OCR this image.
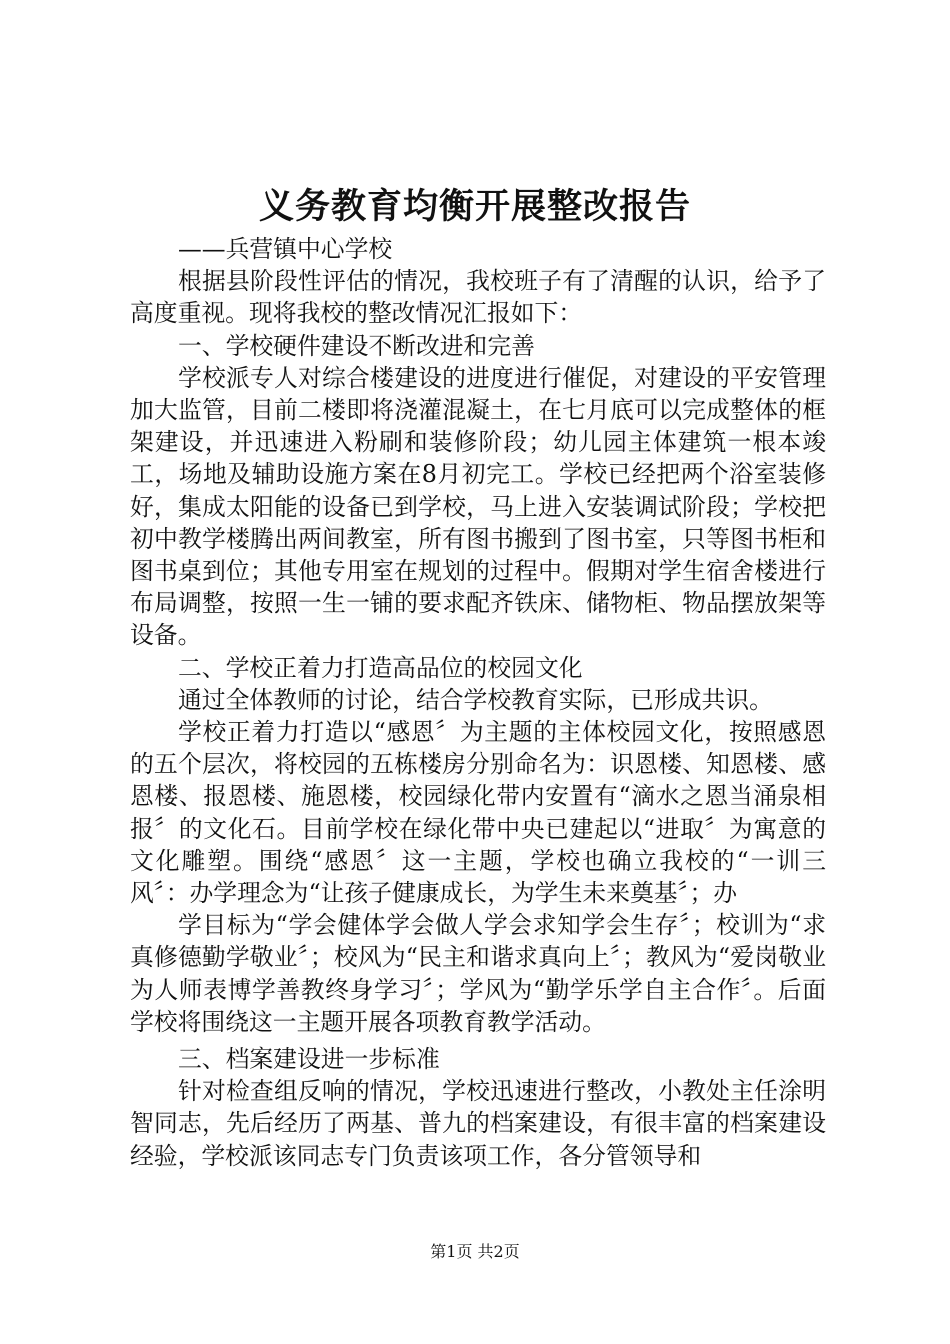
义务教育均衡开展整改报告

——兵营镇中心学校

根据县阶段性评估的情况，我校班子有了清醒的认识，给予了高度重视。现将我校的整改情况汇报如下：

一、学校硬件建设不断改进和完善

学校派专人对综合楼建设的进度进行催促，对建设的平安管理加大监管，目前二楼即将浇灌混凝土，在七月底可以完成整体的框架建设，并迅速进入粉刷和装修阶段；幼儿园主体建筑一根本竣工，场地及辅助设施方案在8月初完工。学校已经把两个浴室装修好，集成太阳能的设备已到学校，马上进入安装调试阶段；学校把初中教学楼腾出两间教室，所有图书搬到了图书室，只等图书柜和图书桌到位；其他专用室在规划的过程中。假期对学生宿舍楼进行布局调整，按照一生一铺的要求配齐铁床、储物柜、物品摆放架等设备。

二、学校正着力打造高品位的校园文化

通过全体教师的讨论，结合学校教育实际，已形成共识。

学校正着力打造以“感恩〞为主题的主体校园文化，按照感恩的五个层次，将校园的五栋楼房分别命名为：识恩楼、知恩楼、感恩楼、报恩楼、施恩楼，校园绿化带内安置有“滴水之恩当涌泉相报〞的文化石。目前学校在绿化带中央已建起以“进取〞为寓意的文化雕塑。围绕“感恩〞这一主题，学校也确立我校的“一训三风〞：办学理念为“让孩子健康成长，为学生未来奠基〞；办

学目标为“学会健体学会做人学会求知学会生存〞；校训为“求真修德勤学敬业〞；校风为“民主和谐求真向上〞；教风为“爱岗敬业为人师表博学善教终身学习〞；学风为“勤学乐学自主合作〞。后面学校将围绕这一主题开展各项教育教学活动。

三、档案建设进一步标准

针对检查组反响的情况，学校迅速进行整改，小教处主任涂明智同志，先后经历了两基、普九的档案建设，有很丰富的档案建设经验，学校派该同志专门负责该项工作，各分管领导和

第1页 共2页
